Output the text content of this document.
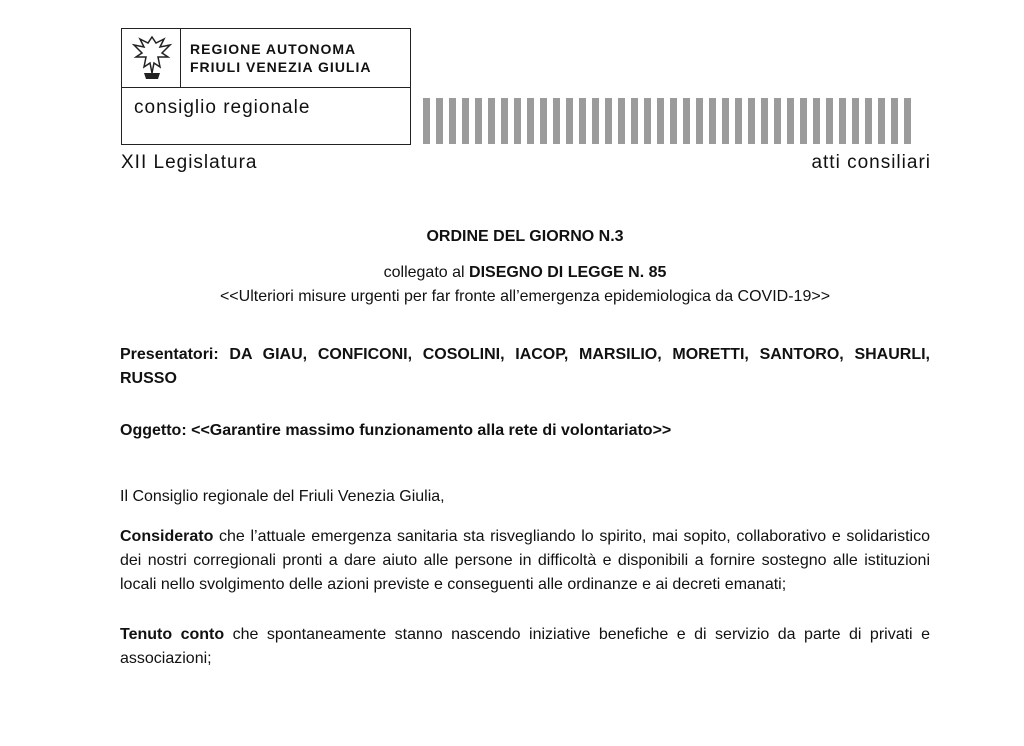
REGIONE AUTONOMA
FRIULI VENEZIA GIULIA
consiglio regionale
XII Legislatura	atti consiliari

ORDINE DEL GIORNO N.3

collegato al DISEGNO DI LEGGE N. 85

<<Ulteriori misure urgenti per far fronte all’emergenza epidemiologica da COVID-19>>

Presentatori: DA GIAU, CONFICONI, COSOLINI, IACOP, MARSILIO, MORETTI, SANTORO, SHAURLI, RUSSO

Oggetto: <<Garantire massimo funzionamento alla rete di volontariato>>

Il Consiglio regionale del Friuli Venezia Giulia,

Considerato che l’attuale emergenza sanitaria sta risvegliando lo spirito, mai sopito, collaborativo e solidaristico dei nostri corregionali pronti a dare aiuto alle persone in difficoltà e disponibili a fornire sostegno alle istituzioni locali nello svolgimento delle azioni previste e conseguenti alle ordinanze e ai decreti emanati;

Tenuto conto che spontaneamente stanno nascendo iniziative benefiche e di servizio da parte di privati e associazioni;
